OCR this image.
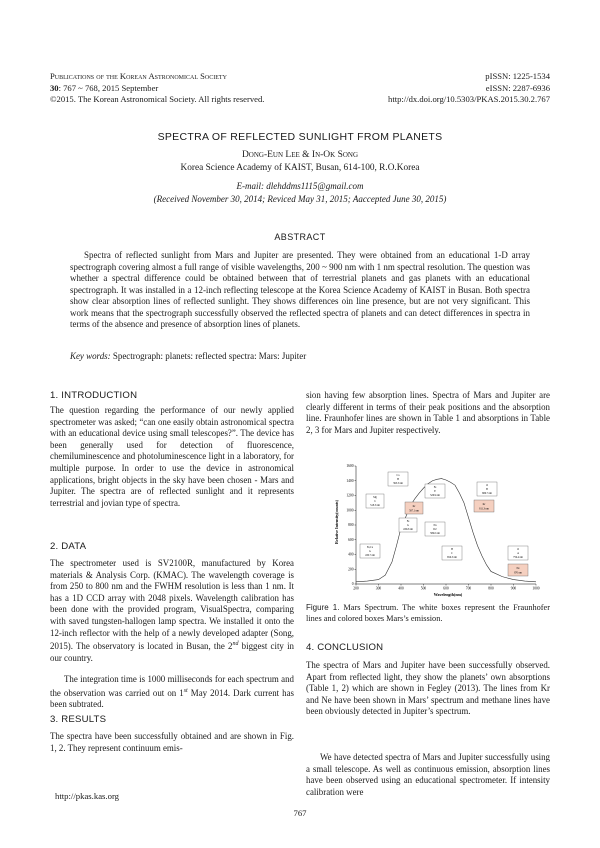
Publications of the Korean Astronomical Society
30: 767 ~ 768, 2015 September
©2015. The Korean Astronomical Society. All rights reserved.
pISSN: 1225-1534
eISSN: 2287-6936
http://dx.doi.org/10.5303/PKAS.2015.30.2.767
SPECTRA OF REFLECTED SUNLIGHT FROM PLANETS
Dong-Eun Lee & In-Ok Song
Korea Science Academy of KAIST, Busan, 614-100, R.O.Korea
E-mail: dlehddms1115@gmail.com
(Received November 30, 2014; Reviced May 31, 2015; Aaccepted June 30, 2015)
ABSTRACT
Spectra of reflected sunlight from Mars and Jupiter are presented. They were obtained from an educational 1-D array spectrograph covering almost a full range of visible wavelengths, 200 ~ 900 nm with 1 nm spectral resolution. The question was whether a spectral difference could be obtained between that of terrestrial planets and gas planets with an educational spectrograph. It was installed in a 12-inch reflecting telescope at the Korea Science Academy of KAIST in Busan. Both spectra show clear absorption lines of reflected sunlight. They shows differences oin line presence, but are not very significant. This work means that the spectrograph successfully observed the reflected spectra of planets and can detect differences in spectra in terms of the absence and presence of absorption lines of planets.
Key words: Spectrograph: planets: reflected spectra: Mars: Jupiter
1. INTRODUCTION
The question regarding the performance of our newly applied spectrometer was asked; “can one easily obtain astronomical spectra with an educational device using small telescopes?”. The device has been generally used for detection of fluorescence, chemiluminescence and photoluminescence light in a laboratory, for multiple purpose. In order to use the device in astronomical applications, bright objects in the sky have been chosen - Mars and Jupiter. The spectra are of reflected sunlight and it represents terrestrial and jovian type of spectra.
2. DATA
The spectrometer used is SV2100R, manufactured by Korea materials & Analysis Corp. (KMAC). The wavelength coverage is from 250 to 800 nm and the FWHM resolution is less than 1 nm. It has a 1D CCD array with 2048 pixels. Wavelength calibration has been done with the provided program, VisualSpectra, comparing with saved tungsten-hallogen lamp spectra. We installed it onto the 12-inch reflector with the help of a newly developed adapter (Song, 2015). The observatory is located in Busan, the 2nd biggest city in our country.
The integration time is 1000 milliseconds for each spectrum and the observation was carried out on 1st May 2014. Dark current has been subtrated.
3. RESULTS
The spectra have been successfully obtained and are shown in Fig. 1, 2. They represent continuum emis-
sion having few absorption lines. Spectra of Mars and Jupiter are clearly different in terms of their peak positions and the absorption line. Fraunhofer lines are shown in Table 1 and absorptions in Table 2, 3 for Mars and Jupiter respectively.
200	300	400	500	600	700	800	900	1000
0
200
400
600
800
1000
1200
1400
1600
Ca
H
393.3 nm
Fe
E
526.9 nm
O
B
686.7 nm
Mg
b
518.3 nm	Kr
587.1 nm
Kr
811.3 nm
Fe
G
430.8 nm
Na
D2
589.0 nm
Fe,Ca
G
430.7 nm
H
C
656.3 nm
O
A
759.4 nm
Ne
870 nm
Wavelength(nm)
Relative Intensity(counts)
Figure 1. Mars Spectrum. The white boxes represent the Fraunhofer lines and colored boxes Mars’s emission.
4. CONCLUSION
The spectra of Mars and Jupiter have been successfully observed. Apart from reflected light, they show the planets’ own absorptions (Table 1, 2) which are shown in Fegley (2013). The lines from Kr and Ne have been shown in Mars’ spectrum and methane lines have been obviously detected in Jupiter’s spectrum.
We have detected spectra of Mars and Jupiter successfully using a small telescope. As well as continuous emission, absorption lines have been observed using an educational spectrometer. If intensity calibration were
http://pkas.kas.org
767
